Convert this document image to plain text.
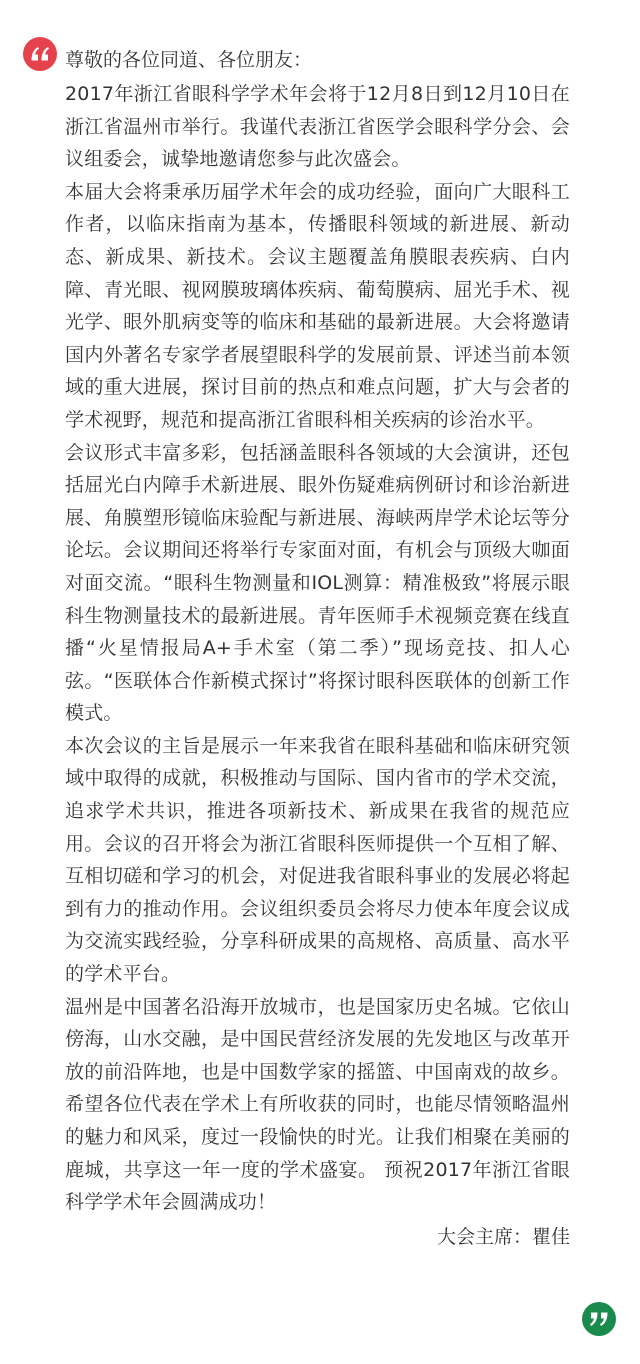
尊敬的各位同道、各位朋友：

2017年浙江省眼科学学术年会将于12月8日到12月10日在浙江省温州市举行。我谨代表浙江省医学会眼科学分会、会议组委会，诚挚地邀请您参与此次盛会。

本届大会将秉承历届学术年会的成功经验，面向广大眼科工作者，以临床指南为基本，传播眼科领域的新进展、新动态、新成果、新技术。会议主题覆盖角膜眼表疾病、白内障、青光眼、视网膜玻璃体疾病、葡萄膜病、屈光手术、视光学、眼外肌病变等的临床和基础的最新进展。大会将邀请国内外著名专家学者展望眼科学的发展前景、评述当前本领域的重大进展，探讨目前的热点和难点问题，扩大与会者的学术视野，规范和提高浙江省眼科相关疾病的诊治水平。

会议形式丰富多彩，包括涵盖眼科各领域的大会演讲，还包括屈光白内障手术新进展、眼外伤疑难病例研讨和诊治新进展、角膜塑形镜临床验配与新进展、海峡两岸学术论坛等分论坛。会议期间还将举行专家面对面，有机会与顶级大咖面对面交流。“眼科生物测量和IOL测算：精准极致”将展示眼科生物测量技术的最新进展。青年医师手术视频竞赛在线直播“火星情报局A+手术室（第二季）”现场竞技、扣人心弦。“医联体合作新模式探讨”将探讨眼科医联体的创新工作模式。

本次会议的主旨是展示一年来我省在眼科基础和临床研究领域中取得的成就，积极推动与国际、国内省市的学术交流，追求学术共识，推进各项新技术、新成果在我省的规范应用。会议的召开将会为浙江省眼科医师提供一个互相了解、互相切磋和学习的机会，对促进我省眼科事业的发展必将起到有力的推动作用。会议组织委员会将尽力使本年度会议成为交流实践经验，分享科研成果的高规格、高质量、高水平的学术平台。

温州是中国著名沿海开放城市，也是国家历史名城。它依山傍海，山水交融，是中国民营经济发展的先发地区与改革开放的前沿阵地，也是中国数学家的摇篮、中国南戏的故乡。希望各位代表在学术上有所收获的同时，也能尽情领略温州的魅力和风采，度过一段愉快的时光。让我们相聚在美丽的鹿城，共享这一年一度的学术盛宴。 预祝2017年浙江省眼科学学术年会圆满成功！

大会主席：瞿佳
